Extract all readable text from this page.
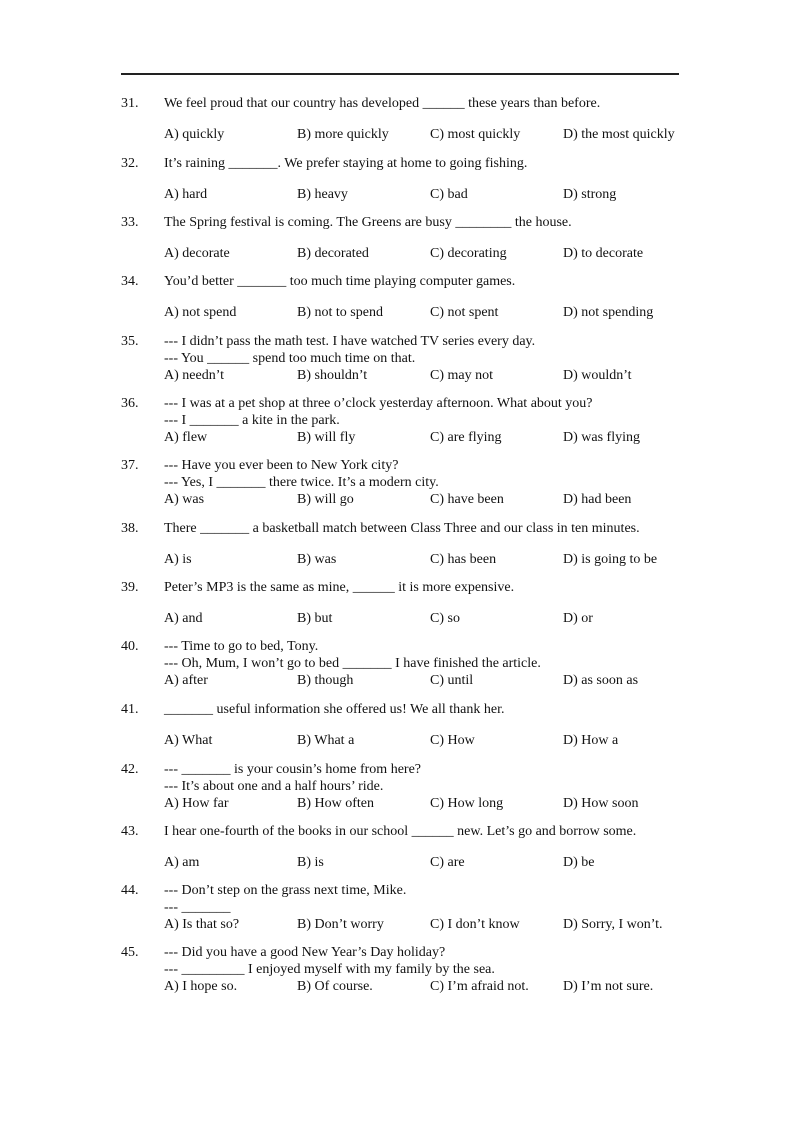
31. We feel proud that our country has developed ______ these years than before.
A) quickly	B) more quickly	C) most quickly	D) the most quickly
32. It’s raining _______. We prefer staying at home to going fishing.
A) hard	B) heavy	C) bad	D) strong
33. The Spring festival is coming. The Greens are busy ________ the house.
A) decorate	B) decorated	C) decorating	D) to decorate
34. You’d better _______ too much time playing computer games.
A) not spend	B) not to spend	C) not spent	D) not spending
35. --- I didn’t pass the math test. I have watched TV series every day.
--- You ______ spend too much time on that.
A) needn’t	B) shouldn’t	C) may not	D) wouldn’t
36. --- I was at a pet shop at three o’clock yesterday afternoon. What about you?
--- I _______ a kite in the park.
A) flew	B) will fly	C) are flying	D) was flying
37. --- Have you ever been to New York city?
--- Yes, I _______ there twice. It’s a modern city.
A) was	B) will go	C) have been	D) had been
38. There _______ a basketball match between Class Three and our class in ten minutes.
A) is	B) was	C) has been	D) is going to be
39. Peter’s MP3 is the same as mine, ______ it is more expensive.
A) and	B) but	C) so	D) or
40. --- Time to go to bed, Tony.
--- Oh, Mum, I won’t go to bed _______ I have finished the article.
A) after	B) though	C) until	D) as soon as
41. _______ useful information she offered us! We all thank her.
A) What	B) What a	C) How	D) How a
42. --- _______ is your cousin’s home from here?
--- It’s about one and a half hours’ ride.
A) How far	B) How often	C) How long	D) How soon
43. I hear one-fourth of the books in our school ______ new. Let’s go and borrow some.
A) am	B) is	C) are	D) be
44. --- Don’t step on the grass next time, Mike.
--- _______
A) Is that so?	B) Don’t worry	C) I don’t know	D) Sorry, I won’t.
45. --- Did you have a good New Year’s Day holiday?
--- _________ I enjoyed myself with my family by the sea.
A) I hope so.	B) Of course.	C) I’m afraid not. D) I’m not sure.
